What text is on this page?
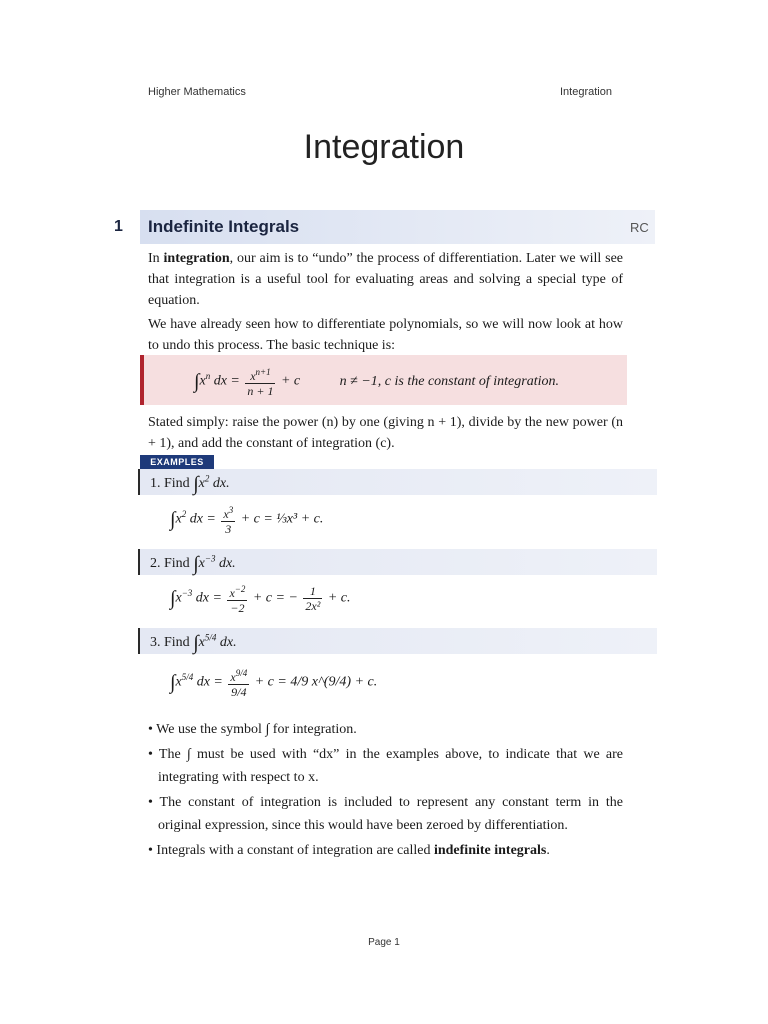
Higher Mathematics	Integration
Integration
1 Indefinite Integrals	RC
In integration, our aim is to “undo” the process of differentiation. Later we will see that integration is a useful tool for evaluating areas and solving a special type of equation.
We have already seen how to differentiate polynomials, so we will now look at how to undo this process. The basic technique is:
$\int x^n$ dx = $\frac{x^{n+1}}{n + 1} + c$	n ≠ −1, c is the constant of integration.
Stated simply: raise the power (n) by one (giving n + 1), divide by the new power (n + 1), and add the constant of integration (c).
EXAMPLES
1. Find $\int x^2$ dx.
$\int x^2$ dx = $\frac{x^3}{3} + c$ = ⅓x³ + c.
2. Find $\int x^{-3}$ dx.
$\int x^{-3}$ dx = $\frac{x^{-2}}{-2} + c$ = − $\frac{1}{\text{2x²}} + c$.
3. Find $\int x^{5/4}$ dx.
$\int x^{5/4}$ dx = $\frac{x^{9/4}}{9/4} + c = 4/9$ x^(9/4) + c.
• We use the symbol ∫ for integration.
• The ∫ must be used with “dx” in the examples above, to indicate that we are integrating with respect to x.
• The constant of integration is included to represent any constant term in the original expression, since this would have been zeroed by differentiation.
• Integrals with a constant of integration are called indefinite integrals.
Page 1
